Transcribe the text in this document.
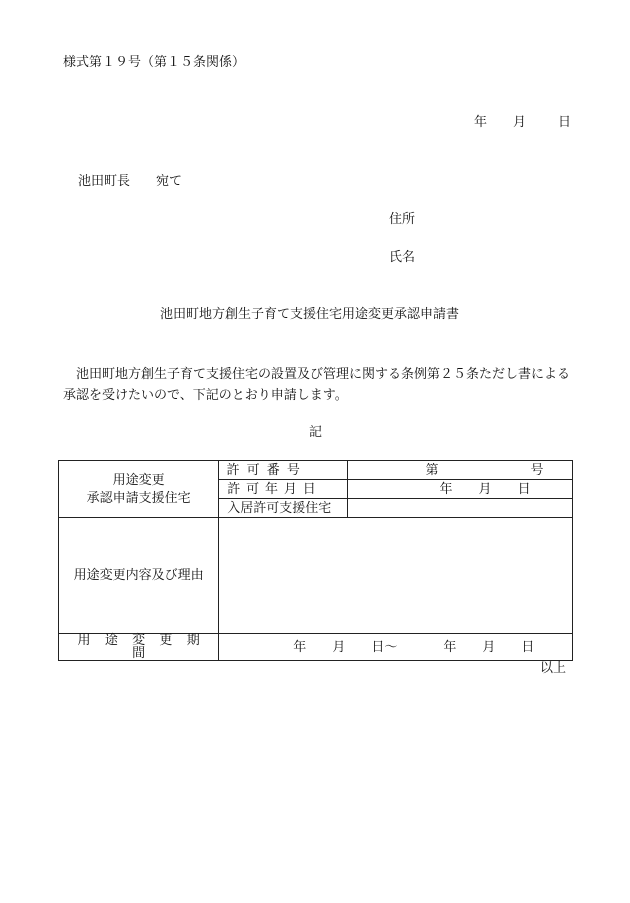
様式第１９号（第１５条関係）
年 月 日
池田町長 宛て
住所
氏名
池田町地方創生子育て支援住宅用途変更承認申請書
池田町地方創生子育て支援住宅の設置及び管理に関する条例第２５条ただし書による承認を受けたいので、下記のとおり申請します。
記
用途変更
承認申請支援住宅	許可番号	第 号
	許可年月日	年 月 日
	入居許可支援住宅	
用途変更内容及び理由		
用途変更期間	年 月 日～ 年 月 日	
以上
